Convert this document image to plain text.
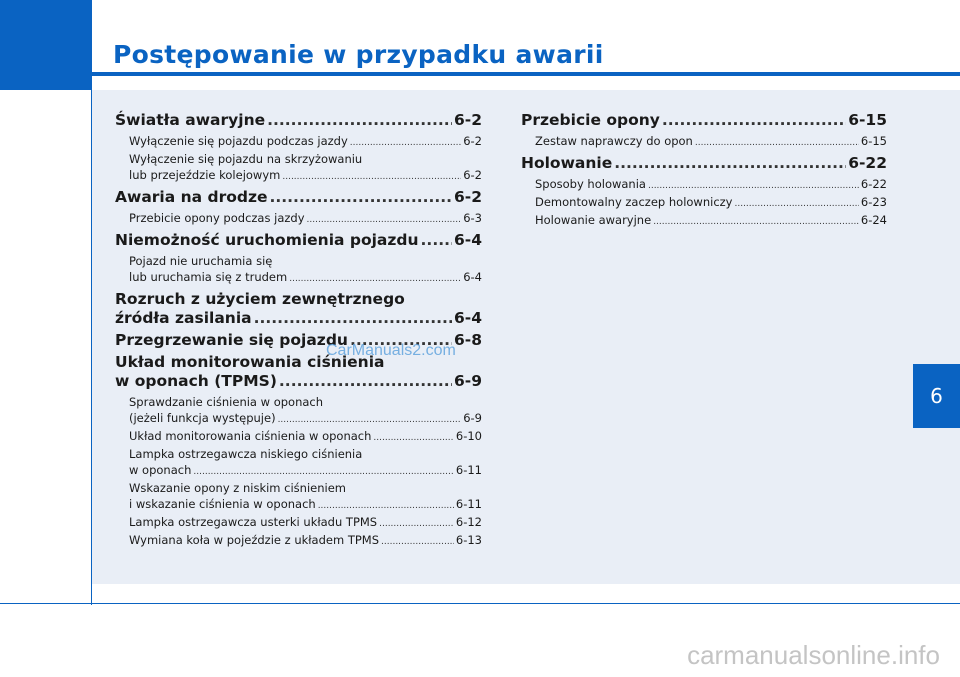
Postępowanie w przypadku awarii
6
Światła awaryjne .....	6-2
Wyłączenie się pojazdu podczas jazdy .....	6-2
Wyłączenie się pojazdu na skrzyżowaniu
lub przejeździe kolejowym .....	6-2
Awaria na drodze .....	6-2
Przebicie opony podczas jazdy .....	6-3
Niemożność uruchomienia pojazdu ..... 6-4
Pojazd nie uruchamia się
lub uruchamia się z trudem .....	6-4
Rozruch z użyciem zewnętrznego
źródła zasilania .....	6-4
Przegrzewanie się pojazdu .....	6-8
Układ monitorowania ciśnienia
w oponach (TPMS) .....	6-9
Sprawdzanie ciśnienia w oponach
(jeżeli funkcja występuje) .....	6-9
Układ monitorowania ciśnienia w oponach .....	6-10
Lampka ostrzegawcza niskiego ciśnienia
w oponach .....	6-11
Wskazanie opony z niskim ciśnieniem
i wskazanie ciśnienia w oponach .....	6-11
Lampka ostrzegawcza usterki układu TPMS .....	6-12
Wymiana koła w pojeździe z układem TPMS .....	6-13
Przebicie opony .....	6-15
Zestaw naprawczy do opon .....	6-15
Holowanie .....	6-22
Sposoby holowania .....	6-22
Demontowalny zaczep holowniczy .....	6-23
Holowanie awaryjne .....	6-24
CarManuals2.com
carmanualsonline.info
